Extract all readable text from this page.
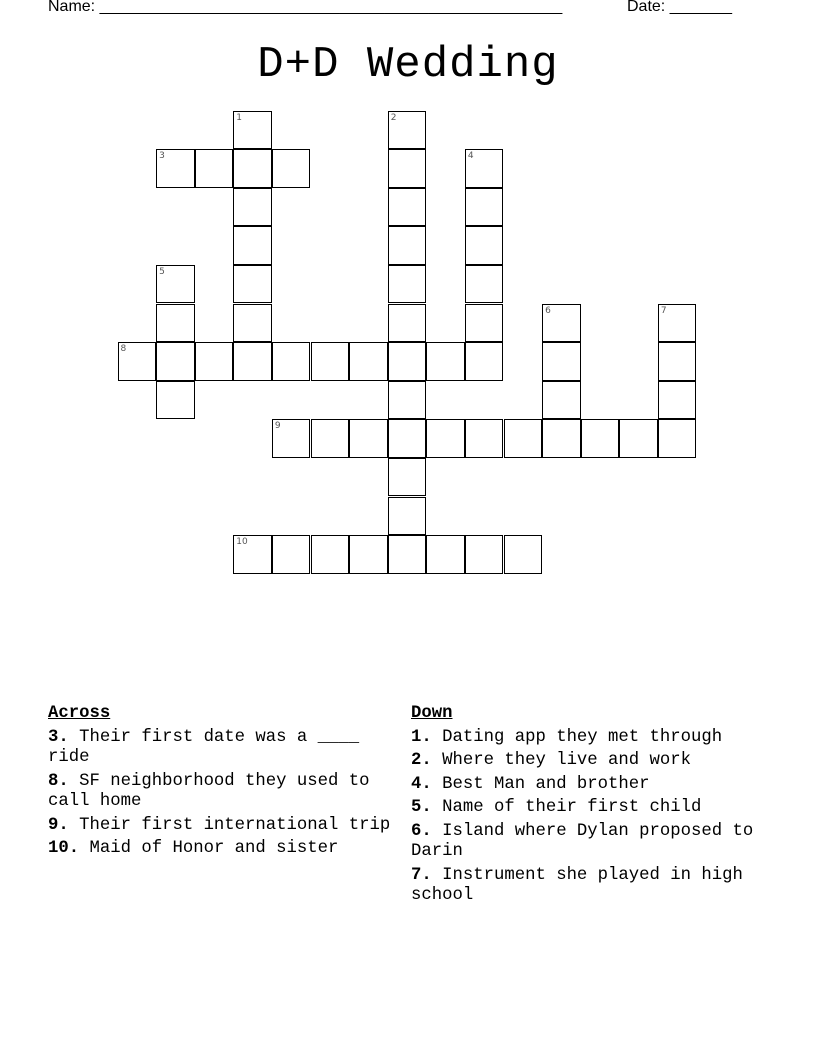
Name: ____________________________________________________	Date: _______
D+D Wedding
1	2
3	4
5
6	7
8
9
10
Across
3. Their first date was a ____ ride
8. SF neighborhood they used to call home
9. Their first international trip
10. Maid of Honor and sister
Down
1. Dating app they met through
2. Where they live and work
4. Best Man and brother
5. Name of their first child
6. Island where Dylan proposed to Darin
7. Instrument she played in high school
